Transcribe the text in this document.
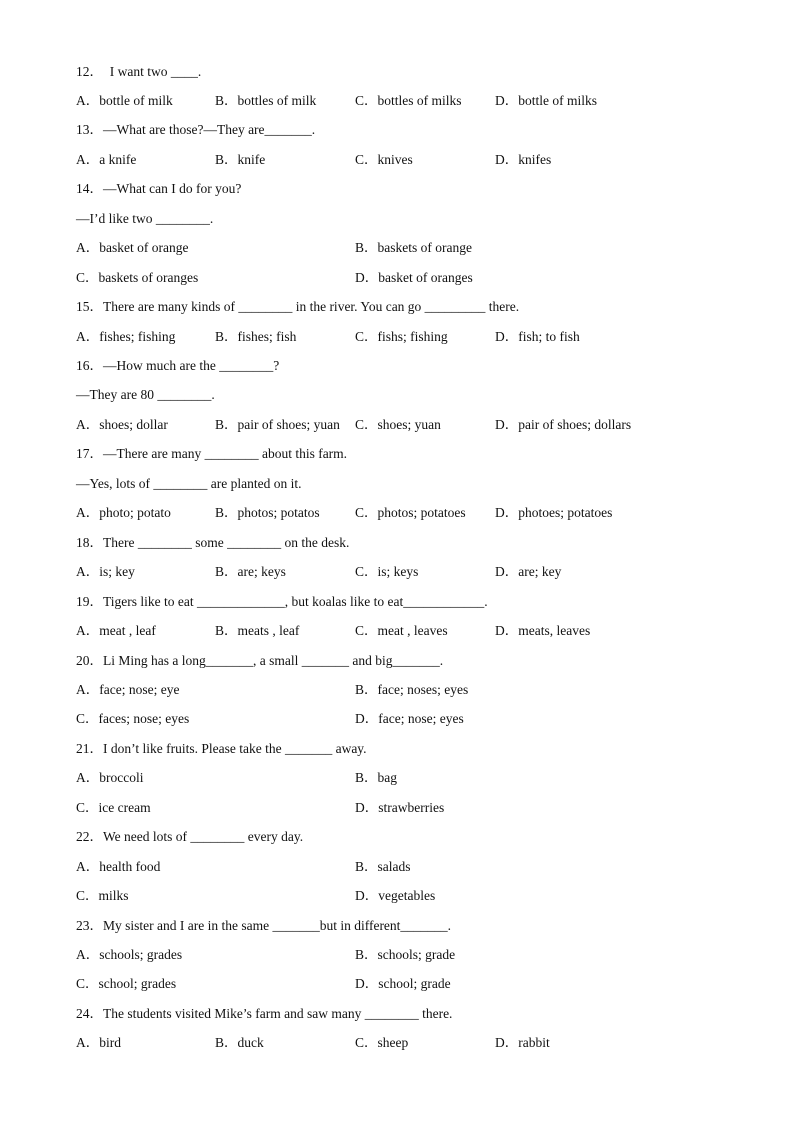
12．  I want two ____.
A．bottle of milk	B．bottles of milk	C．bottles of milks D．bottle of milks
13．—What are those?—They are_______.
A．a knife	B．knife	C．knives	D．knifes
14．—What can I do for you?
—I’d like two ________.
A．basket of orange	B．baskets of orange
C．baskets of oranges	D．basket of oranges
15．There are many kinds of ________ in the river. You can go _________ there.
A．fishes; fishing	B．fishes; fish	C．fishs; fishing	D．fish; to fish
16．—How much are the ________?
—They are 80 ________.
A．shoes; dollar	B．pair of shoes; yuan C．shoes; yuan	D．pair of shoes; dollars
17．—There are many ________ about this farm.
—Yes, lots of ________ are planted on it.
A．photo; potato	B．photos; potatos	C．photos; potatoes D．photoes; potatoes
18．There ________ some ________ on the desk.
A．is; key	B．are; keys	C．is; keys	D．are; key
19．Tigers like to eat _____________, but koalas like to eat____________.
A．meat , leaf	B．meats , leaf	C．meat , leaves	D．meats, leaves
20．Li Ming has a long_______, a small _______ and big_______.
A．face; nose; eye	B．face; noses; eyes
C．faces; nose; eyes	D．face; nose; eyes
21．I don’t like fruits. Please take the _______ away.
A．broccoli	B．bag
C．ice cream	D．strawberries
22．We need lots of ________ every day.
A．health food	B．salads
C．milks	D．vegetables
23．My sister and I are in the same _______but in different_______.
A．schools; grades	B．schools; grade
C．school; grades	D．school; grade
24．The students visited Mike’s farm and saw many ________ there.
A．bird	B．duck	C．sheep	D．rabbit
